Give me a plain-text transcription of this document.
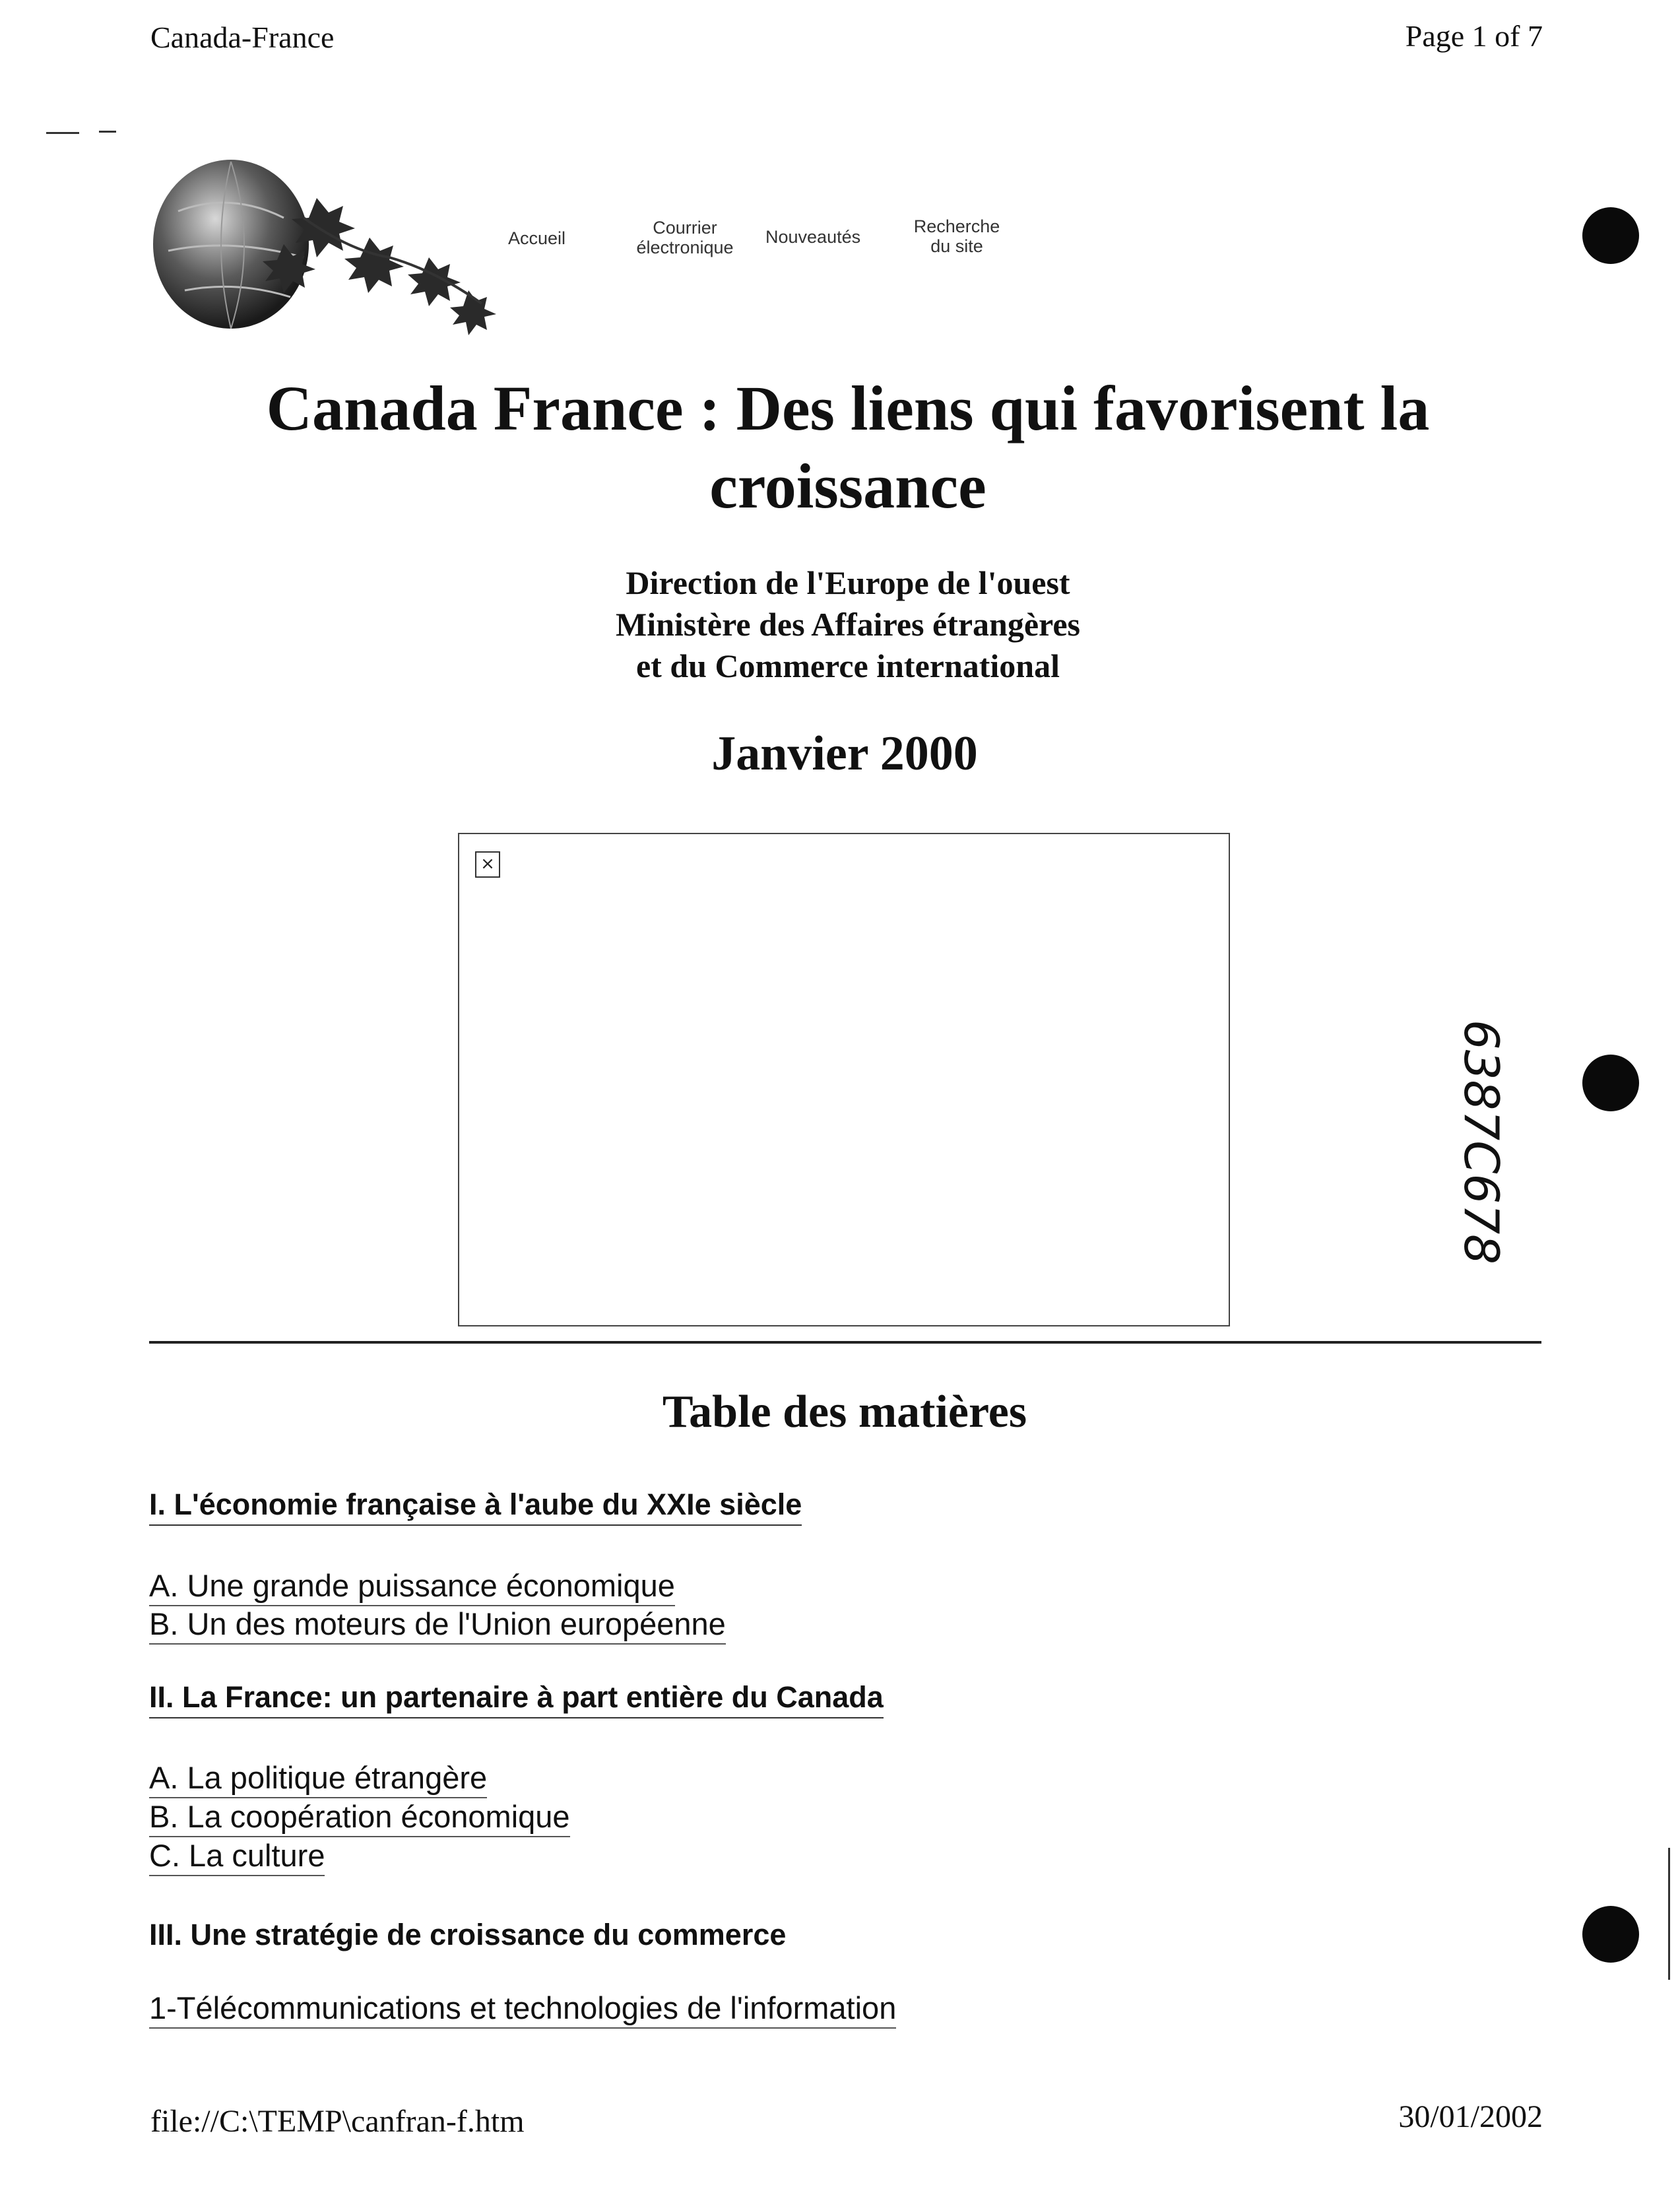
Canada-France	Page 1 of 7
Accueil
Courrier
électronique
Nouveautés
Recherche
du site
Canada France : Des liens qui favorisent la
croissance
Direction de l'Europe de l'ouest
Ministère des Affaires étrangères
et du Commerce international
Janvier 2000
×
6387C678
Table des matières
I. L'économie française à l'aube du XXIe siècle
A. Une grande puissance économique
B. Un des moteurs de l'Union européenne
II. La France: un partenaire à part entière du Canada
A. La politique étrangère
B. La coopération économique
C. La culture
III. Une stratégie de croissance du commerce
1-Télécommunications et technologies de l'information
file://C:\TEMP\canfran-f.htm	30/01/2002
